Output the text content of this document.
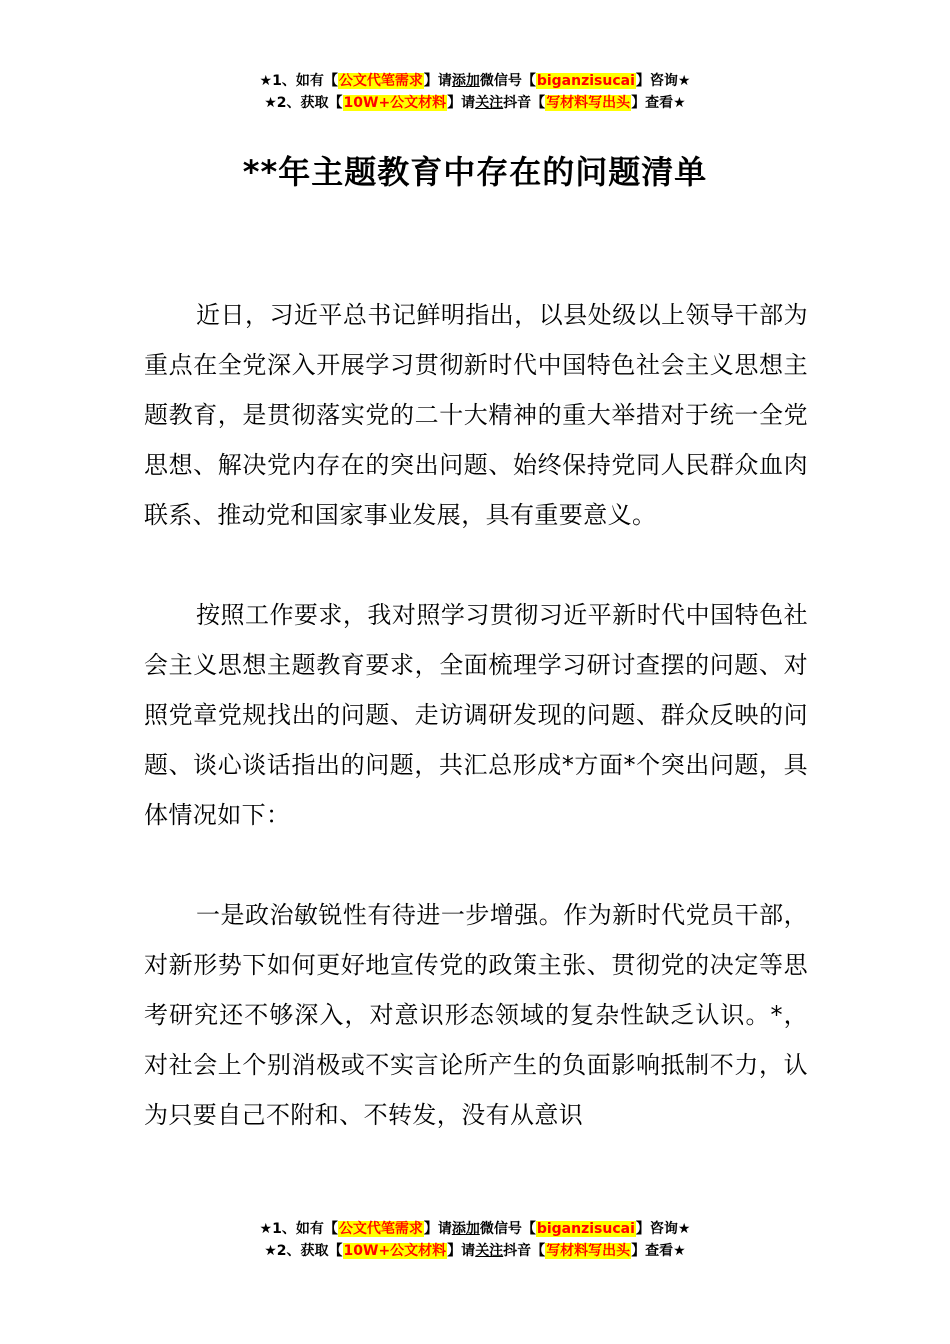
★1、如有【公文代笔需求】请添加微信号【biganzisucai】咨询★
★2、获取【10W+公文材料】请关注抖音【写材料写出头】查看★
**年主题教育中存在的问题清单

近日，习近平总书记鲜明指出，以县处级以上领导干部为重点在全党深入开展学习贯彻新时代中国特色社会主义思想主题教育，是贯彻落实党的二十大精神的重大举措对于统一全党思想、解决党内存在的突出问题、始终保持党同人民群众血肉联系、推动党和国家事业发展，具有重要意义。

按照工作要求，我对照学习贯彻习近平新时代中国特色社会主义思想主题教育要求，全面梳理学习研讨查摆的问题、对照党章党规找出的问题、走访调研发现的问题、群众反映的问题、谈心谈话指出的问题，共汇总形成*方面*个突出问题，具体情况如下：

一是政治敏锐性有待进一步增强。作为新时代党员干部，对新形势下如何更好地宣传党的政策主张、贯彻党的决定等思考研究还不够深入，对意识形态领域的复杂性缺乏认识。*，对社会上个别消极或不实言论所产生的负面影响抵制不力，认为只要自己不附和、不转发，没有从意识

★1、如有【公文代笔需求】请添加微信号【biganzisucai】咨询★
★2、获取【10W+公文材料】请关注抖音【写材料写出头】查看★
